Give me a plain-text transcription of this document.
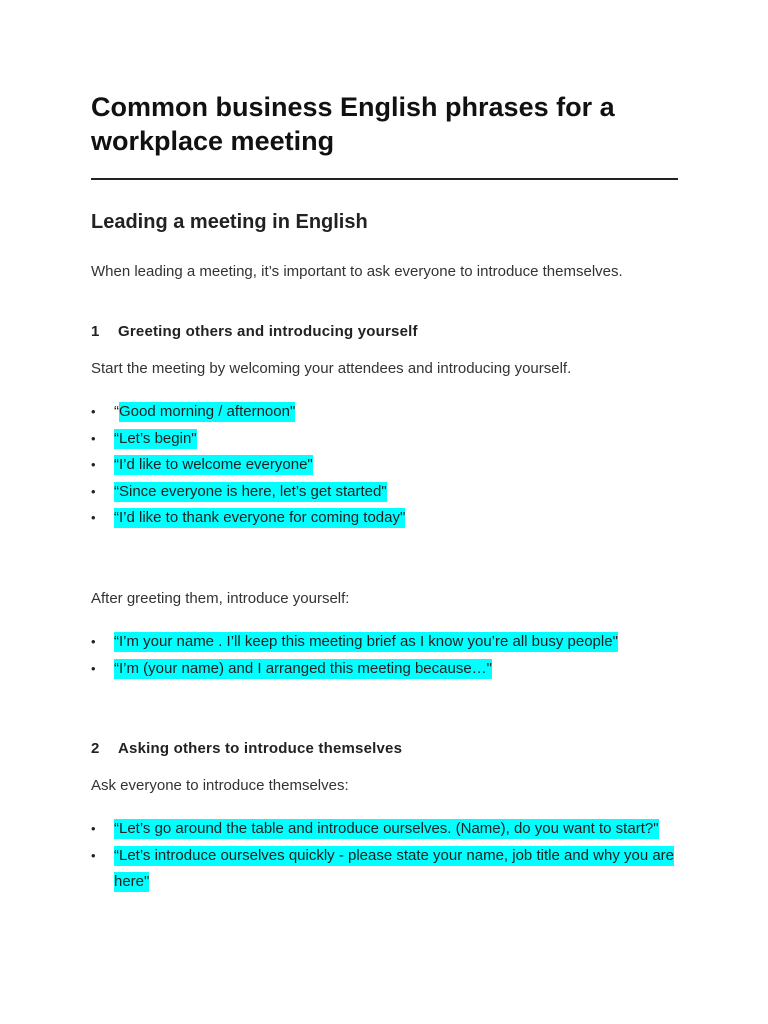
Common business English phrases for a workplace meeting
Leading a meeting in English

When leading a meeting, it’s important to ask everyone to introduce themselves.

1 Greeting others and introducing yourself

Start the meeting by welcoming your attendees and introducing yourself.

• “Good morning / afternoon"
• “Let’s begin"
• “I’d like to welcome everyone"
• “Since everyone is here, let’s get started"
• “I’d like to thank everyone for coming today"

After greeting them, introduce yourself:

• “I’m your name . I’ll keep this meeting brief as I know you’re all busy people"
• “I’m (your name) and I arranged this meeting because…"
2 Asking others to introduce themselves

Ask everyone to introduce themselves:

• “Let’s go around the table and introduce ourselves. (Name), do you want to start?"
• “Let’s introduce ourselves quickly - please state your name, job title and why you are here"
